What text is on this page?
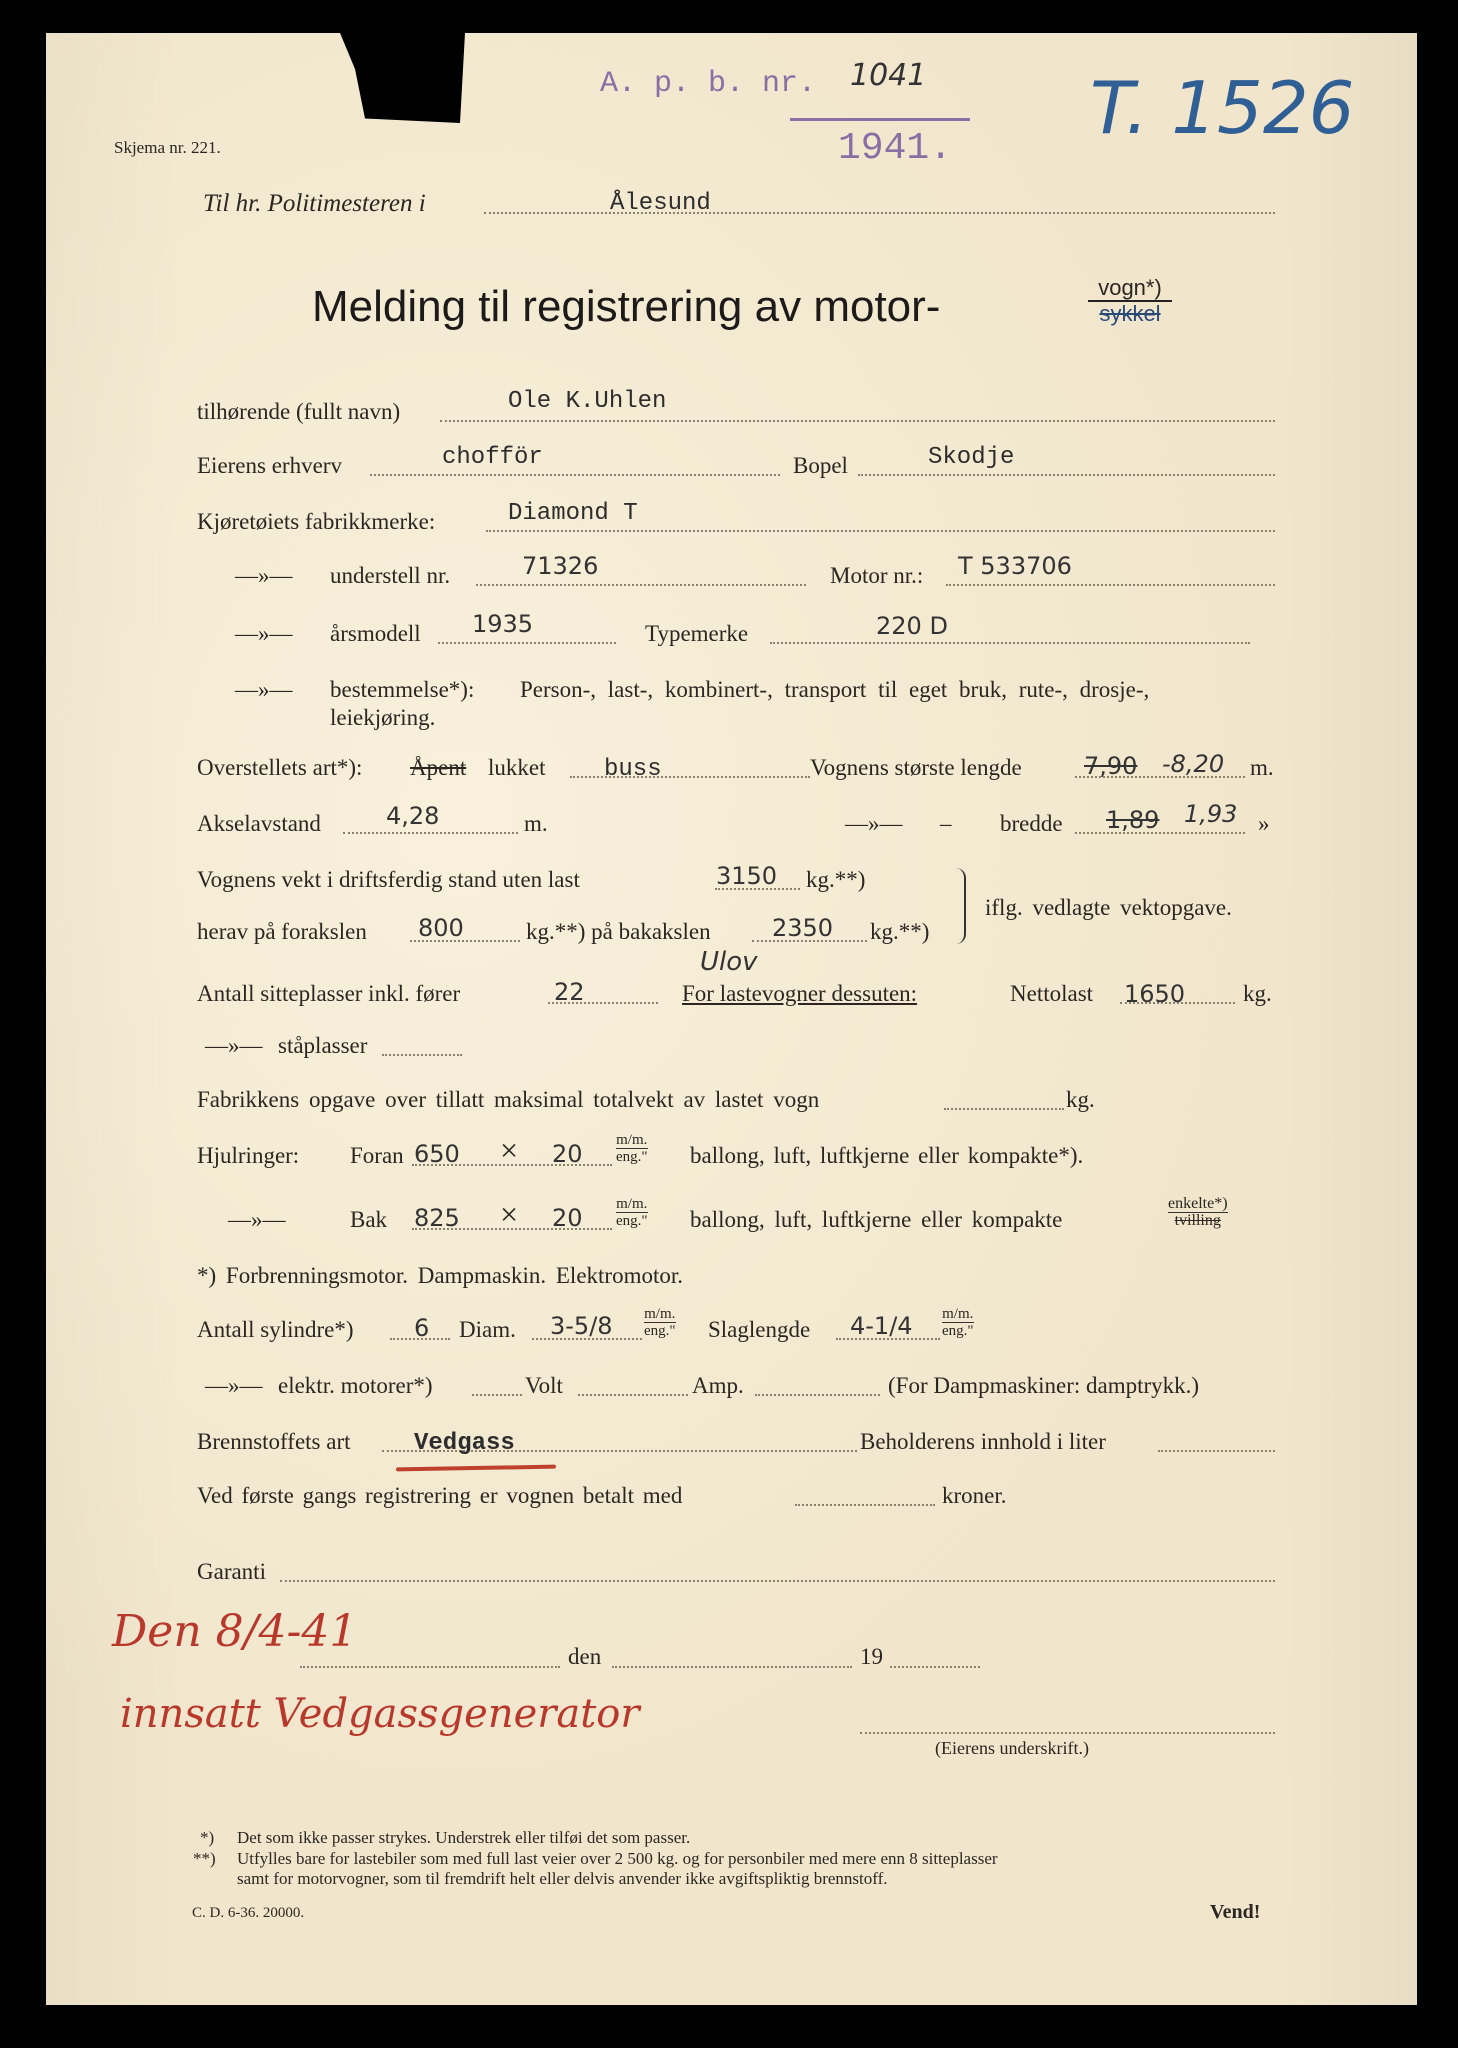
Skjema nr. 221.
A. p. b. nr. 1041
1941. T. 1526
Til hr. Politimesteren i	Ålesund
Melding til registrering av motor-	vogn*)
sykkel
tilhørende (fullt navn)	Ole K.Uhlen
Eierens erhverv	chofför	Bopel	Skodje
Kjøretøiets fabrikkmerke:	Diamond T
—»— understell nr.	71326	Motor nr.: T 533706
—»— årsmodell 1935	Typemerke	220 D
—»— bestemmelse*): Person-, last-, kombinert-, transport til eget bruk, rute-, drosje-,
leiekjøring.
Overstellets art*): Åpent lukket buss	Vognens største lengde	7,90 -8,20 m.
Akselavstand	4,28	m.	—»— – bredde 1,89 1,93 »
Vognens vekt i driftsferdig stand uten last	3150 kg.**)
herav på forakslen 800	kg.**) på bakakslen	2350 kg.**)
iflg. vedlagte vektopgave.
Ulov
Antall sitteplasser inkl. fører	22	For lastevogner dessuten:	Nettolast 1650	kg.
—»— ståplasser
Fabrikkens opgave over tillatt maksimal totalvekt av lastet vogn	kg.
Hjulringer: Foran $650 \times 20 \frac{m/m.}{\text{eng."}}$ ballong, luft, luftkjerne eller kompakte*).
—»—	Bak $825 \times 20 \frac{m/m.}{\text{eng."}}$ ballong, luft, luftkjerne eller kompakte	$\frac{\text{enkelte*)}}{\text{tvilling}}$
*) Forbrenningsmotor. Dampmaskin. Elektromotor.
Antall sylindre*)	6 Diam. $3-5/8 \frac{m/m.}{\text{eng."}}$ Slaglengde $4-1/4 \frac{m/m.}{\text{eng."}}$
—»— elektr. motorer*)	Volt	Amp.	(For Dampmaskiner: damptrykk.)
Brennstoffets art	Vedgass	Beholderens innhold i liter
Ved første gangs registrering er vognen betalt med	kroner.
Garanti
Den 8/4-41	den	19
innsatt Vedgassgenerator
(Eierens underskrift.)
*) Det som ikke passer strykes. Understrek eller tilføi det som passer.
**) Utfylles bare for lastebiler som med full last veier over 2 500 kg. og for personbiler med mere enn 8 sitteplasser
samt for motorvogner, som til fremdrift helt eller delvis anvender ikke avgiftspliktig brennstoff.
C. D. 6-36. 20000.	Vend!
